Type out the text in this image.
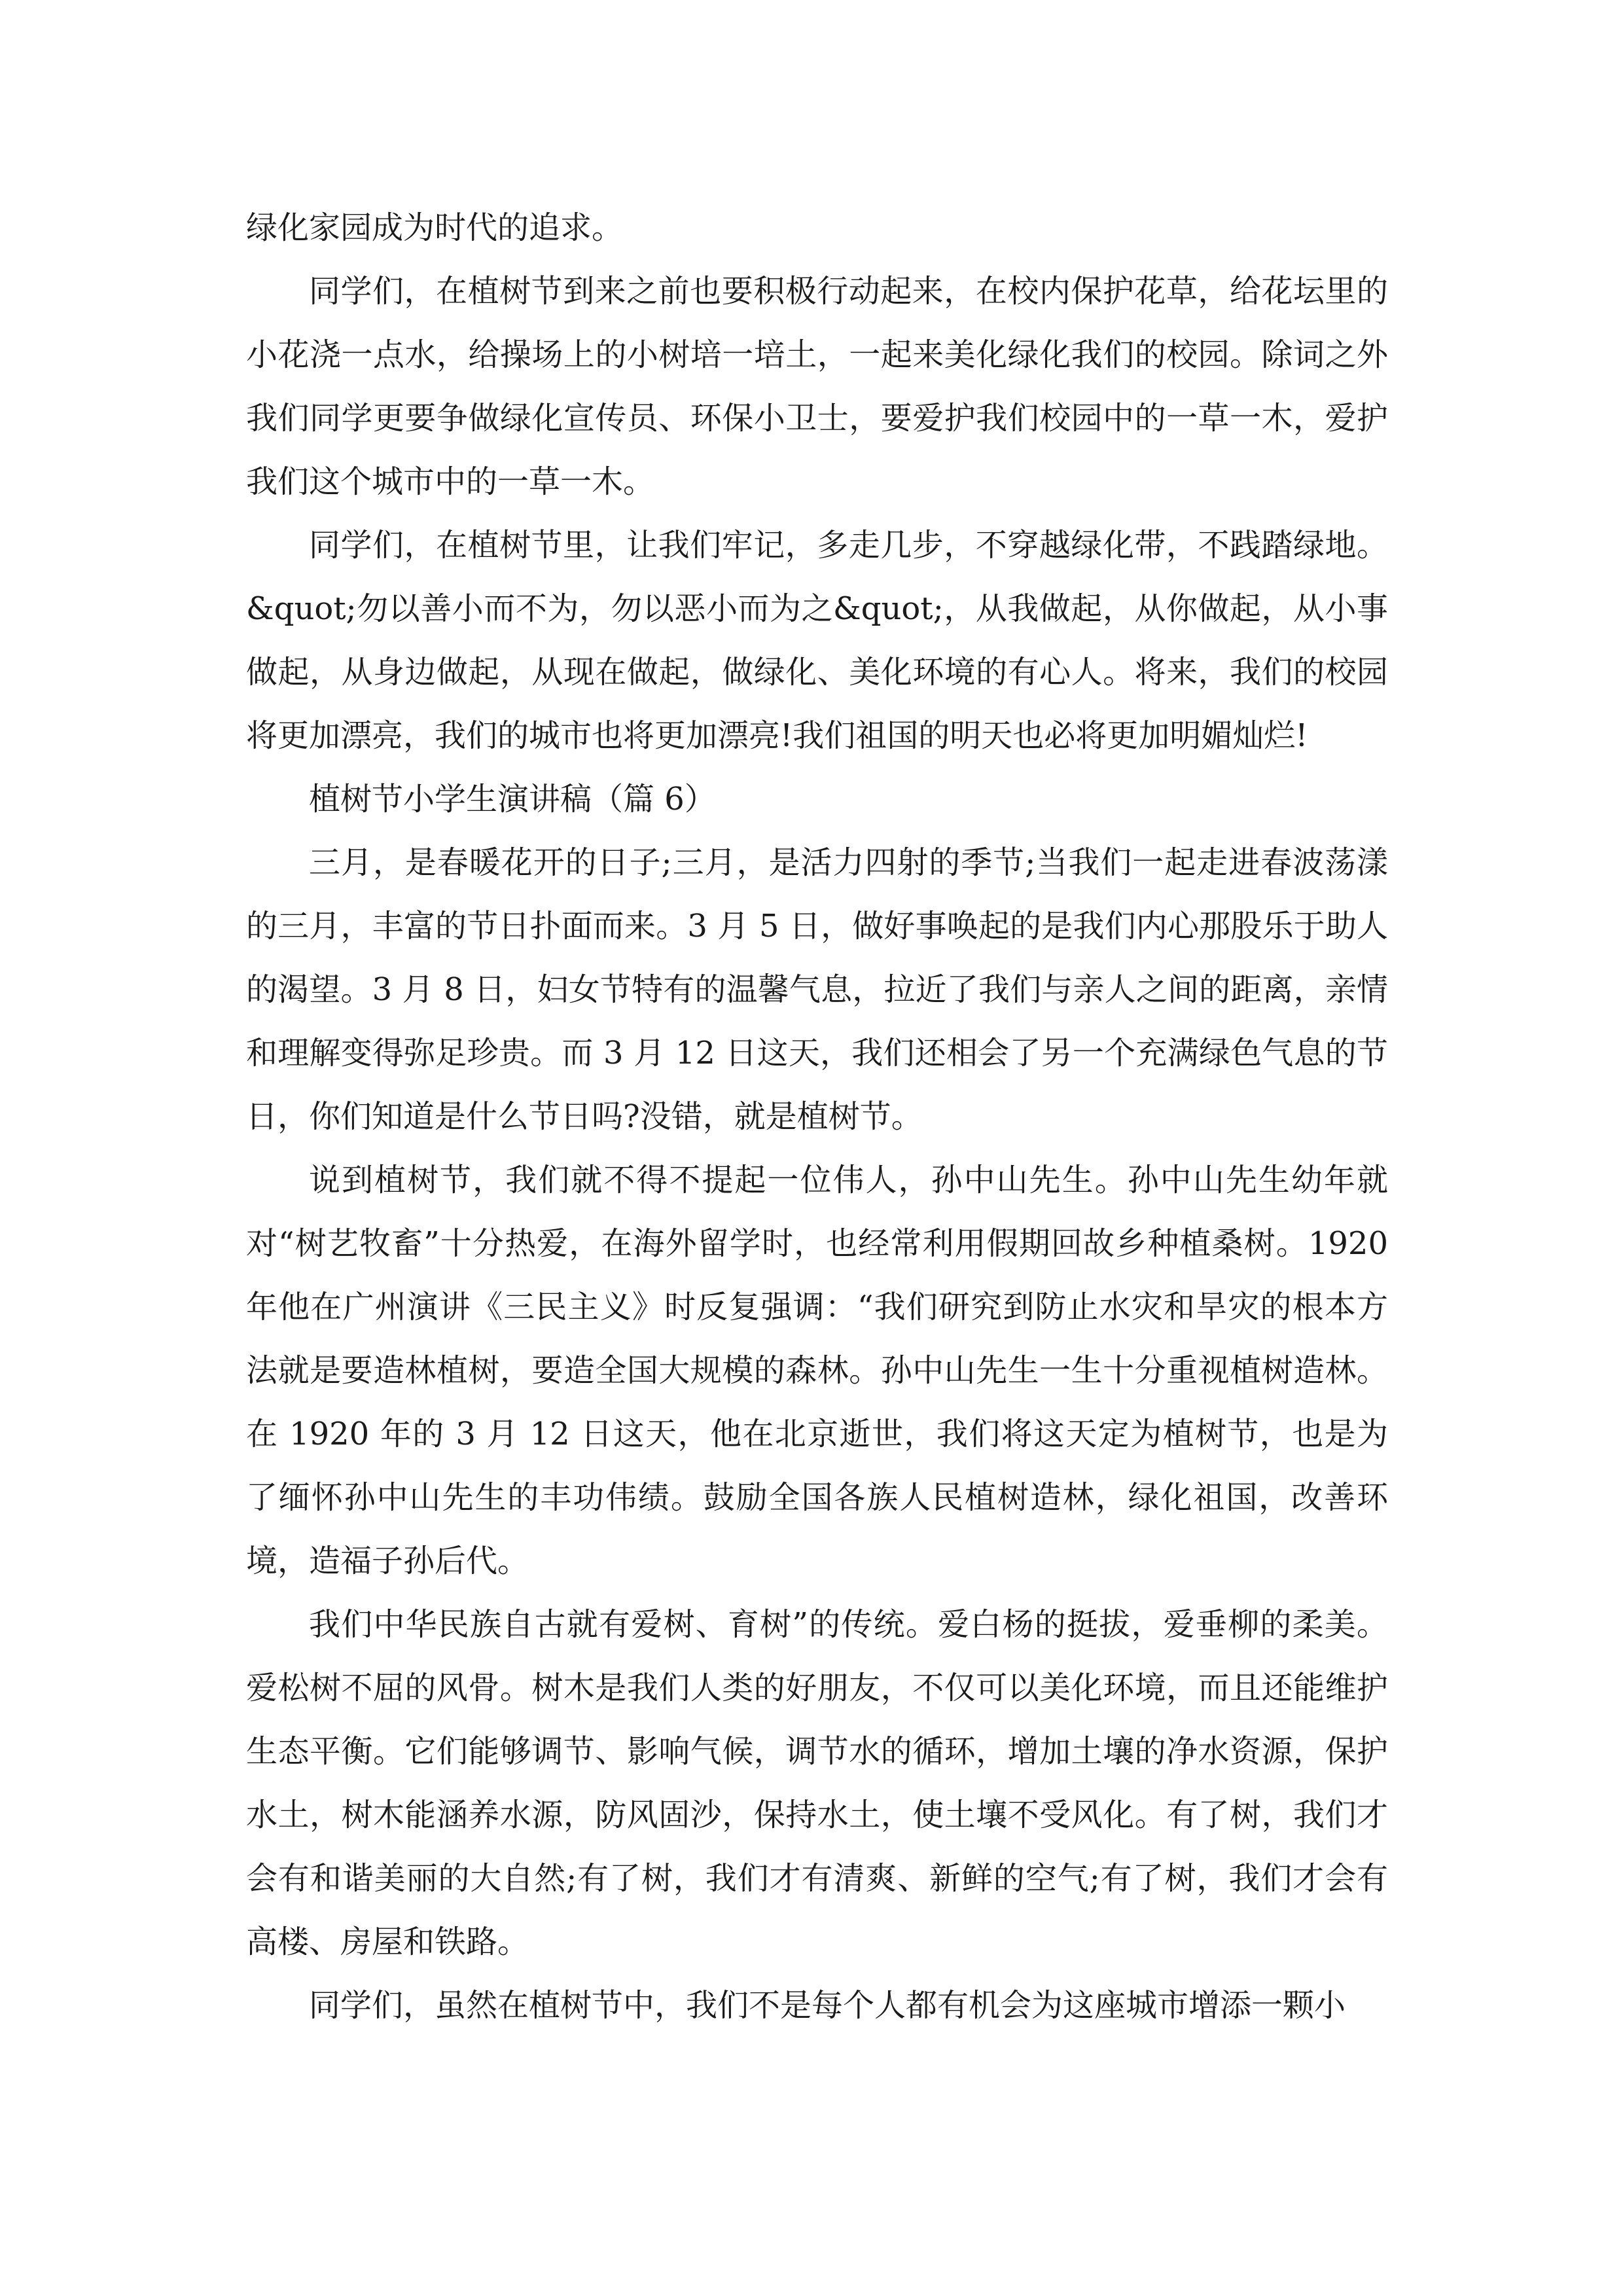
绿化家园成为时代的追求。

同学们，在植树节到来之前也要积极行动起来，在校内保护花草，给花坛里的小花浇一点水，给操场上的小树培一培土，一起来美化绿化我们的校园。除词之外我们同学更要争做绿化宣传员、环保小卫士，要爱护我们校园中的一草一木，爱护我们这个城市中的一草一木。

同学们，在植树节里，让我们牢记，多走几步，不穿越绿化带，不践踏绿地。&quot;勿以善小而不为，勿以恶小而为之&quot;，从我做起，从你做起，从小事做起，从身边做起，从现在做起，做绿化、美化环境的有心人。将来，我们的校园将更加漂亮，我们的城市也将更加漂亮!我们祖国的明天也必将更加明媚灿烂!

植树节小学生演讲稿（篇 6）

三月，是春暖花开的日子;三月，是活力四射的季节;当我们一起走进春波荡漾的三月，丰富的节日扑面而来。3 月 5 日，做好事唤起的是我们内心那股乐于助人的渴望。3 月 8 日，妇女节特有的温馨气息，拉近了我们与亲人之间的距离，亲情和理解变得弥足珍贵。而 3 月 12 日这天，我们还相会了另一个充满绿色气息的节日，你们知道是什么节日吗?没错，就是植树节。

说到植树节，我们就不得不提起一位伟人，孙中山先生。孙中山先生幼年就对“树艺牧畜”十分热爱，在海外留学时，也经常利用假期回故乡种植桑树。1920 年他在广州演讲《三民主义》时反复强调：“我们研究到防止水灾和旱灾的根本方法就是要造林植树，要造全国大规模的森林。孙中山先生一生十分重视植树造林。在 1920 年的 3 月 12 日这天，他在北京逝世，我们将这天定为植树节，也是为了缅怀孙中山先生的丰功伟绩。鼓励全国各族人民植树造林，绿化祖国，改善环境，造福子孙后代。

我们中华民族自古就有爱树、育树”的传统。爱白杨的挺拔，爱垂柳的柔美。爱松树不屈的风骨。树木是我们人类的好朋友，不仅可以美化环境，而且还能维护生态平衡。它们能够调节、影响气候，调节水的循环，增加土壤的净水资源，保护水土，树木能涵养水源，防风固沙，保持水土，使土壤不受风化。有了树，我们才会有和谐美丽的大自然;有了树，我们才有清爽、新鲜的空气;有了树，我们才会有高楼、房屋和铁路。

同学们，虽然在植树节中，我们不是每个人都有机会为这座城市增添一颗小
